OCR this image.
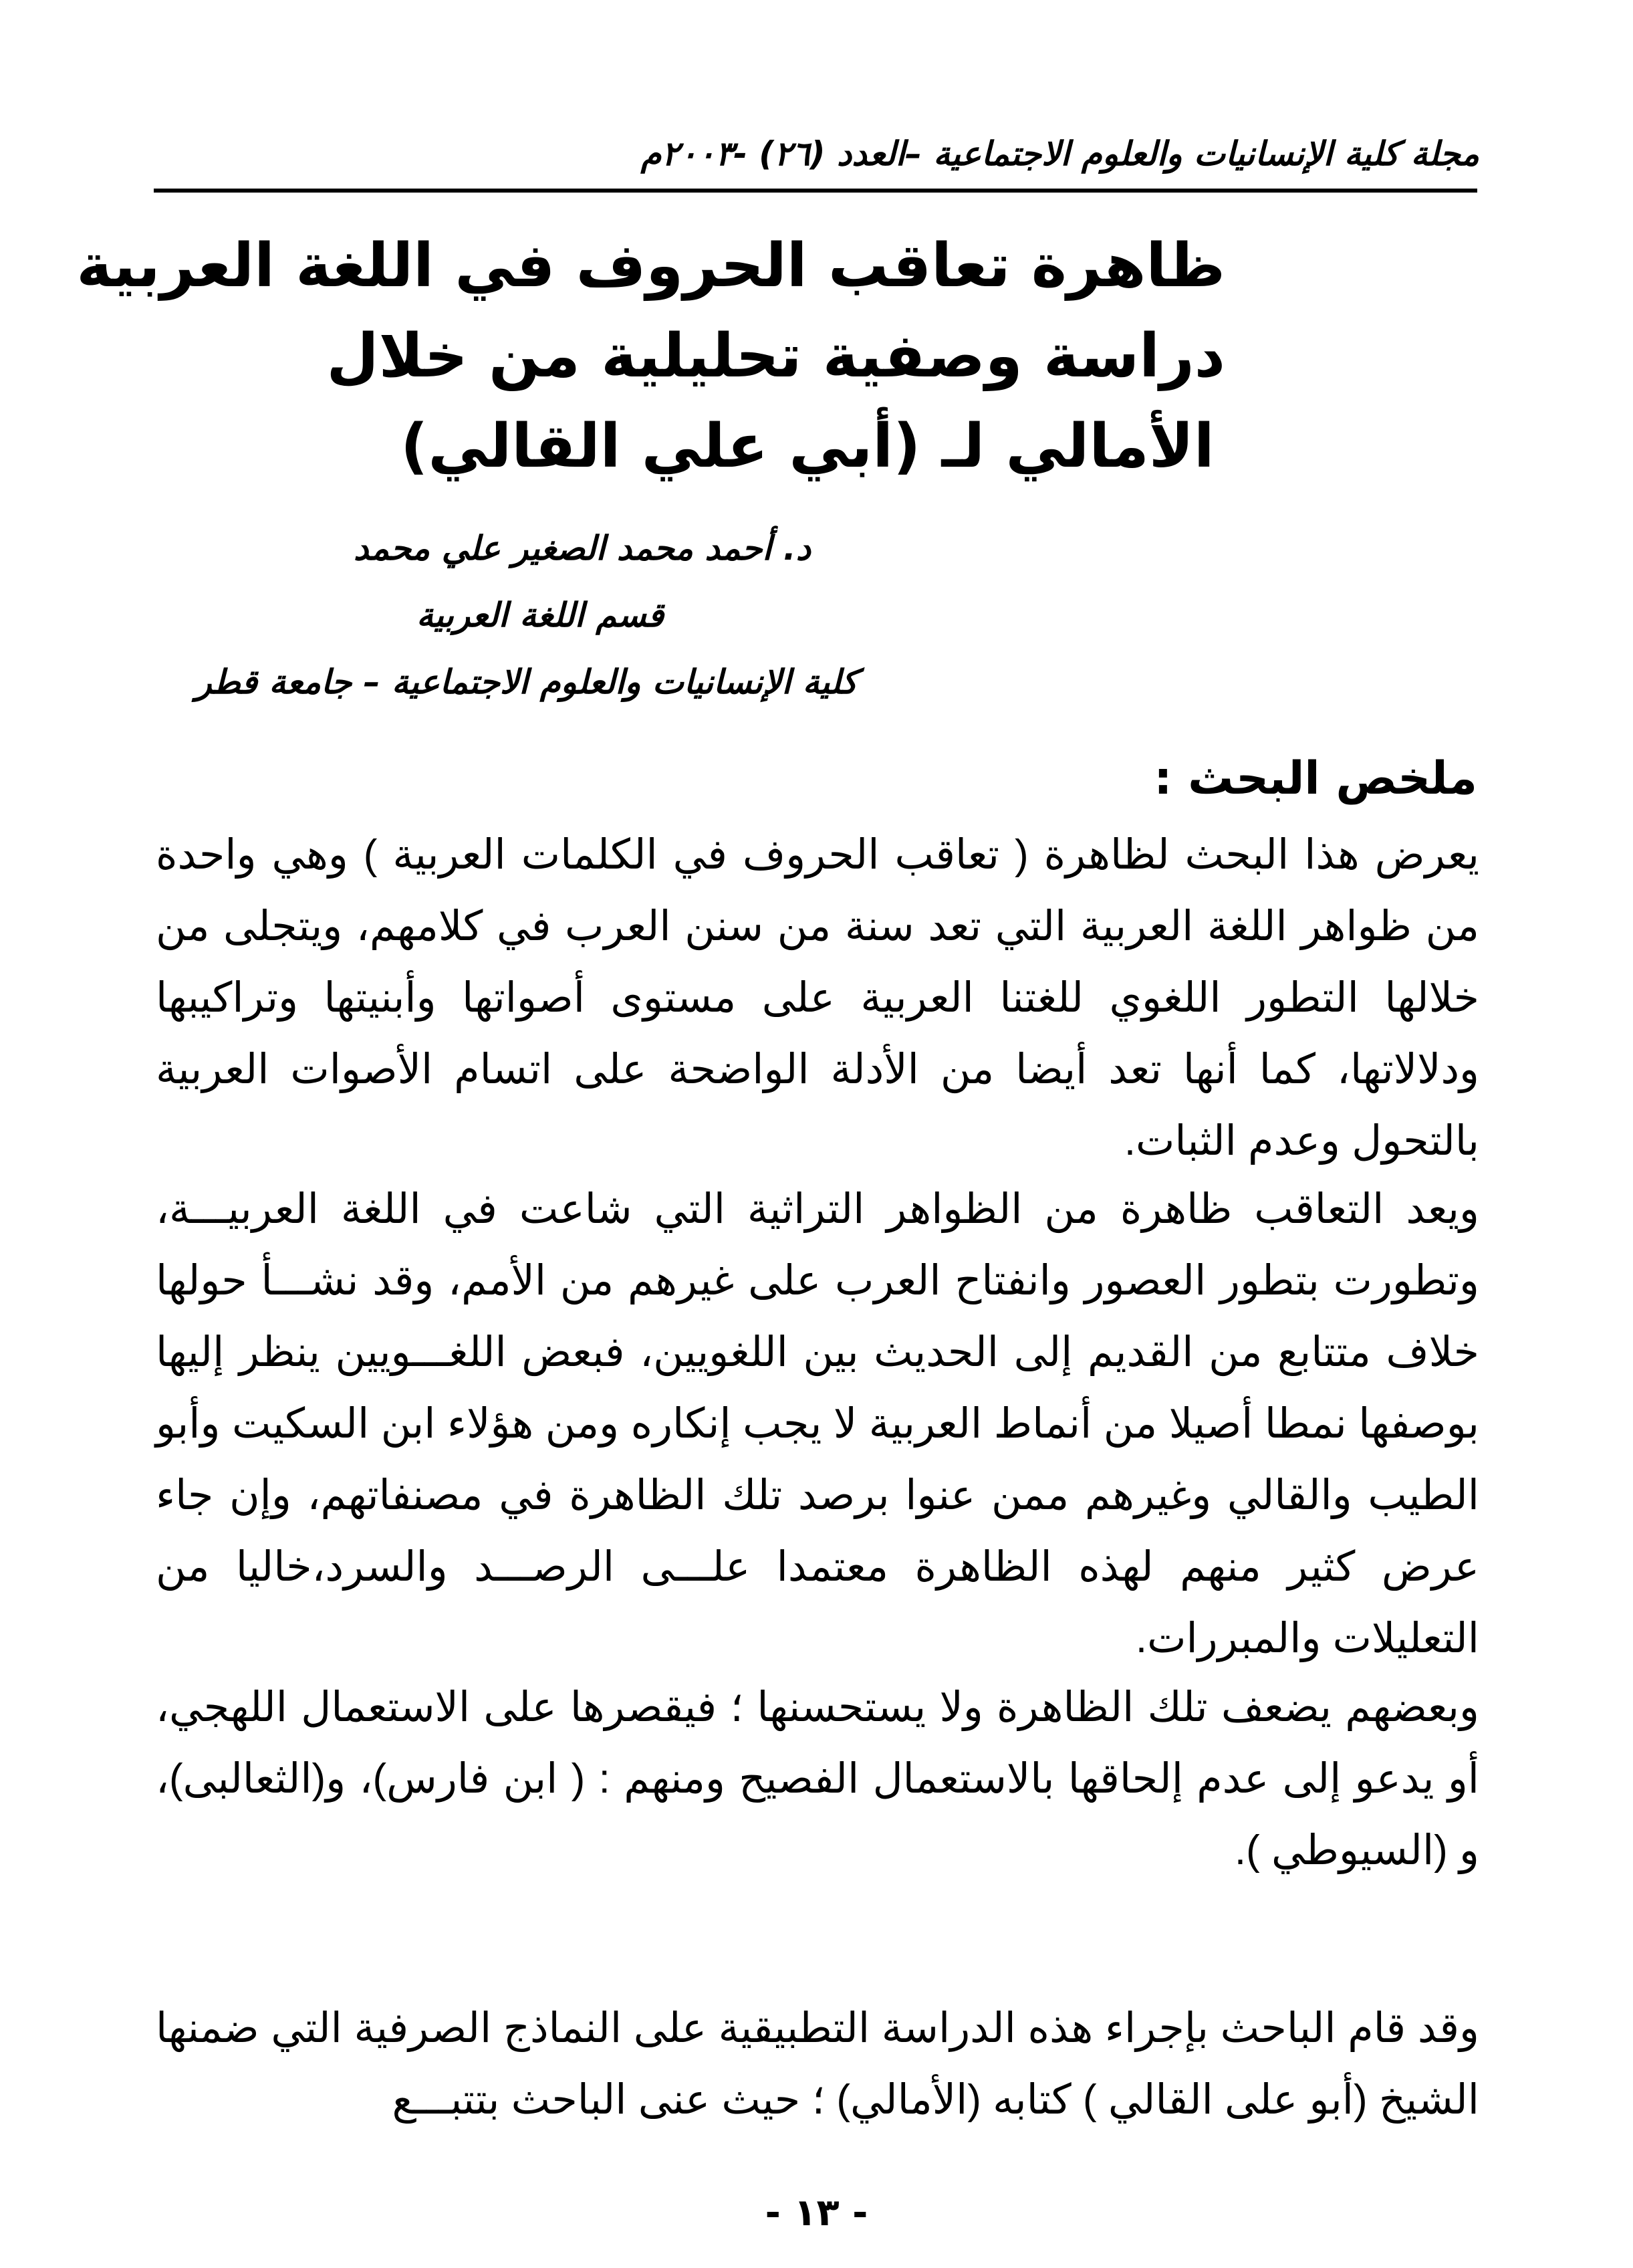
مجلة كلية الإنسانيات والعلوم الاجتماعية –العدد (٢٦) -٢٠٠٣م
ظاهرة تعاقب الحروف في اللغة العربية
دراسة وصفية تحليلية من خلال
الأمالي لـ (أبي علي القالي)
د. أحمد محمد الصغير علي محمد
قسم اللغة العربية
كلية الإنسانيات والعلوم الاجتماعية – جامعة قطر
ملخص البحث :

يعرض هذا البحث لظاهرة ( تعاقب الحروف في الكلمات العربية ) وهي واحدة من ظواهر اللغة العربية التي تعد سنة من سنن العرب في كلامهم، ويتجلى من خلالها التطور اللغوي للغتنا العربية على مستوى أصواتها وأبنيتها وتراكيبها ودلالاتها، كما أنها تعد أيضا من الأدلة الواضحة على اتسام الأصوات العربية بالتحول وعدم الثبات.

ويعد التعاقب ظاهرة من الظواهر التراثية التي شاعت في اللغة العربيـــة، وتطورت بتطور العصور وانفتاح العرب على غيرهم من الأمم، وقد نشـــأ حولها خلاف متتابع من القديم إلى الحديث بين اللغويين، فبعض اللغـــويين ينظر إليها بوصفها نمطا أصيلا من أنماط العربية لا يجب إنكاره ومن هؤلاء ابن السكيت وأبو الطيب والقالي وغيرهم ممن عنوا برصد تلك الظاهرة في مصنفاتهم، وإن جاء عرض كثير منهم لهذه الظاهرة معتمدا علـــى الرصـــد والسرد،خاليا من التعليلات والمبررات.

وبعضهم يضعف تلك الظاهرة ولا يستحسنها ؛ فيقصرها على الاستعمال اللهجي، أو يدعو إلى عدم إلحاقها بالاستعمال الفصيح ومنهم : ( ابن فارس)، و(الثعالبى)، و (السيوطي ).

وقد قام الباحث بإجراء هذه الدراسة التطبيقية على النماذج الصرفية التي ضمنها الشيخ (أبو على القالي ) كتابه (الأمالي) ؛ حيث عنى الباحث بتتبـــع

- ١٣ -
